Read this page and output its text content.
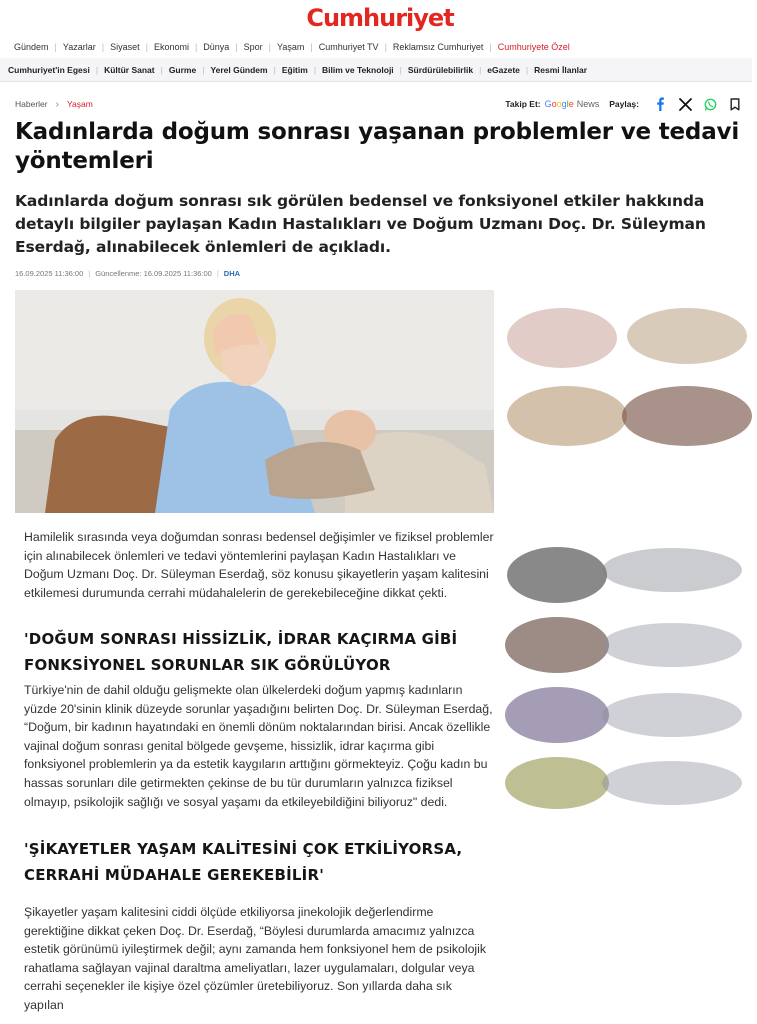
Cumhuriyet
Gündem | Yazarlar | Siyaset | Ekonomi | Dünya | Spor | Yaşam | Cumhuriyet TV | Reklamsız Cumhuriyet | Cumhuriyete Özel
Cumhuriyet'in Egesi | Kültür Sanat | Gurme | Yerel Gündem | Eğitim | Bilim ve Teknoloji | Sürdürülebilirlik | eGazete | Resmi İlanlar
Haberler › Yaşam	Takip Et: G o o g l e News Paylaş:
Kadınlarda doğum sonrası yaşanan problemler ve tedavi yöntemleri
Kadınlarda doğum sonrası sık görülen bedensel ve fonksiyonel etkiler hakkında detaylı bilgiler paylaşan Kadın Hastalıkları ve Doğum Uzmanı Doç. Dr. Süleyman Eserdağ, alınabilecek önlemleri de açıkladı.
16.09.2025 11:36:00 | Güncellenme: 16.09.2025 11:36:00 | DHA

Hamilelik sırasında veya doğumdan sonrası bedensel değişimler ve fiziksel problemler için alınabilecek önlemleri ve tedavi yöntemlerini paylaşan Kadın Hastalıkları ve Doğum Uzmanı Doç. Dr. Süleyman Eserdağ, söz konusu şikayetlerin yaşam kalitesini etkilemesi durumunda cerrahi müdahalelerin de gerekebileceğine dikkat çekti.

'DOĞUM SONRASI HİSSİZLİK, İDRAR KAÇIRMA GİBİ FONKSİYONEL SORUNLAR SIK GÖRÜLÜYOR

Türkiye'nin de dahil olduğu gelişmekte olan ülkelerdeki doğum yapmış kadınların yüzde 20'sinin klinik düzeyde sorunlar yaşadığını belirten Doç. Dr. Süleyman Eserdağ, “Doğum, bir kadının hayatındaki en önemli dönüm noktalarından birisi. Ancak özellikle vajinal doğum sonrası genital bölgede gevşeme, hissizlik, idrar kaçırma gibi fonksiyonel problemlerin ya da estetik kaygıların arttığını görmekteyiz. Çoğu kadın bu hassas sorunları dile getirmekten çekinse de bu tür durumların yalnızca fiziksel olmayıp, psikolojik sağlığı ve sosyal yaşamı da etkileyebildiğini biliyoruz" dedi.

'ŞİKAYETLER YAŞAM KALİTESİNİ ÇOK ETKİLİYORSA, CERRAHİ MÜDAHALE GEREKEBİLİR'

Şikayetler yaşam kalitesini ciddi ölçüde etkiliyorsa jinekolojik değerlendirme gerektiğine dikkat çeken Doç. Dr. Eserdağ, “Böylesi durumlarda amacımız yalnızca estetik görünümü iyileştirmek değil; aynı zamanda hem fonksiyonel hem de psikolojik rahatlama sağlayan vajinal daraltma ameliyatları, lazer uygulamaları, dolgular veya cerrahi seçenekler ile kişiye özel çözümler üretebiliyoruz. Son yıllarda daha sık yapılan
